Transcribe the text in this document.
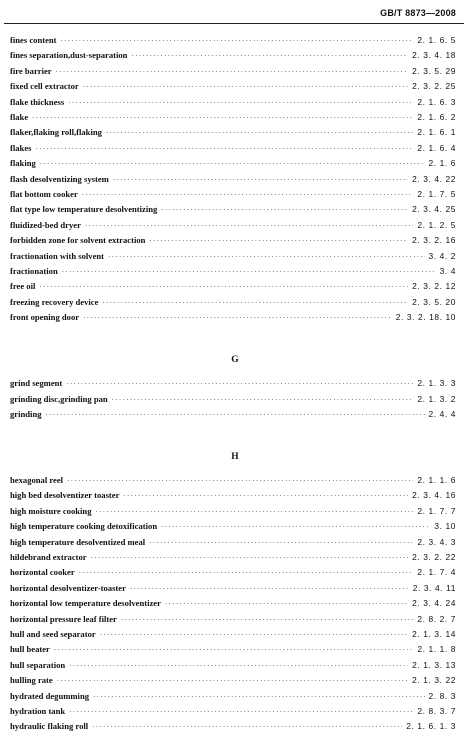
GB/T 8873—2008
fines content ·····	2. 1. 6. 5
fines separation,dust-separation ·····	2. 3. 4. 18
fire barrier ·····	2. 3. 5. 29
fixed cell extractor ·····	2. 3. 2. 25
flake thickness ·····	2. 1. 6. 3
flake ·····	2. 1. 6. 2
flaker,flaking roll,flaking ·····	2. 1. 6. 1
flakes ·····	2. 1. 6. 4
flaking ·····	2. 1. 6
flash desolventizing system ·····	2. 3. 4. 22
flat bottom cooker ·····	2. 1. 7. 5
flat type low temperature desolventizing ·····	2. 3. 4. 25
fluidized-bed dryer ·····	2. 1. 2. 5
forbidden zone for solvent extraction ·····	2. 3. 2. 16
fractionation with solvent ·····	3. 4. 2
fractionation ·····	3. 4
free oil ·····	2. 3. 2. 12
freezing recovery device ·····	2. 3. 5. 20
front opening door ·····	2. 3. 2. 18. 10
G
grind segment ·····	2. 1. 3. 3
grinding disc,grinding pan ·····	2. 1. 3. 2
grinding ·····	2. 4. 4
H
hexagonal reel ·····	2. 1. 1. 6
high bed desolventizer toaster ·····	2. 3. 4. 16
high moisture cooking ·····	2. 1. 7. 7
high temperature cooking detoxification ·····	3. 10
high temperature desolventized meal ·····	2. 3. 4. 3
hildebrand extractor ·····	2. 3. 2. 22
horizontal cooker ·····	2. 1. 7. 4
horizontal desolventizer-toaster ·····	2. 3. 4. 11
horizontal low temperature desolventizer ·····	2. 3. 4. 24
horizontal pressure leaf filter ·····	2. 8. 2. 7
hull and seed separator ·····	2. 1. 3. 14
hull beater ·····	2. 1. 1. 8
hull separation ·····	2. 1. 3. 13
hulling rate ·····	2. 1. 3. 22
hydrated degumming ·····	2. 8. 3
hydration tank ·····	2. 8. 3. 7
hydraulic flaking roll ·····	2. 1. 6. 1. 3
